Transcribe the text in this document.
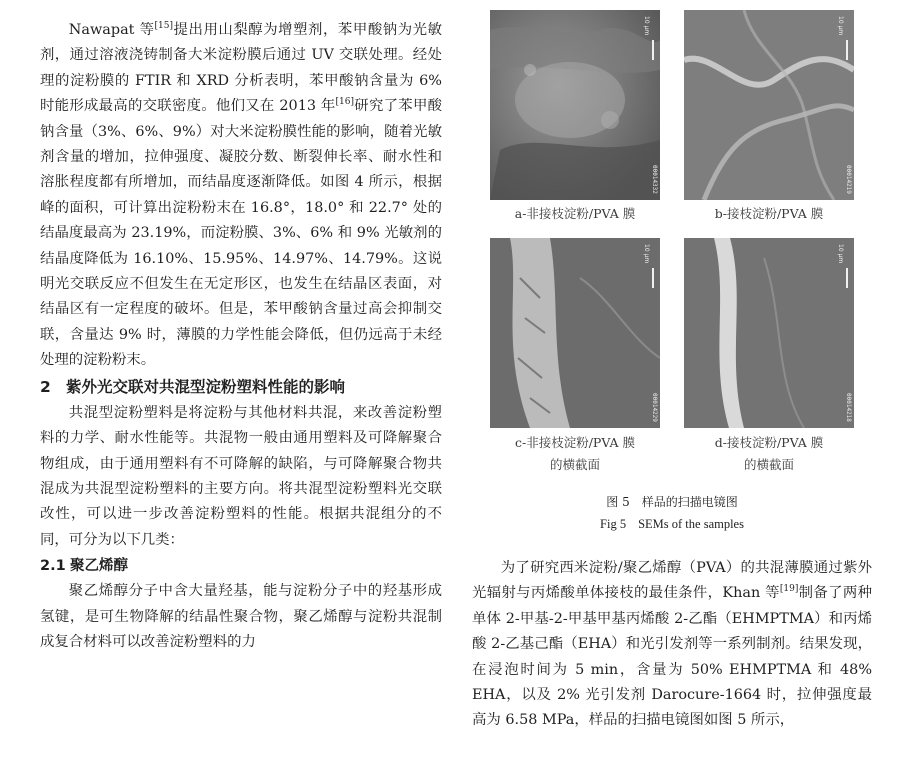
Nawapat 等[15]提出用山梨醇为增塑剂，苯甲酸钠为光敏剂，通过溶液浇铸制备大米淀粉膜后通过 UV 交联处理。经处理的淀粉膜的 FTIR 和 XRD 分析表明，苯甲酸钠含量为 6% 时能形成最高的交联密度。他们又在 2013 年[16]研究了苯甲酸钠含量（3%、6%、9%）对大米淀粉膜性能的影响，随着光敏剂含量的增加，拉伸强度、凝胶分数、断裂伸长率、耐水性和溶胀程度都有所增加，而结晶度逐渐降低。如图 4 所示，根据峰的面积，可计算出淀粉粉末在 16.8°，18.0° 和 22.7° 处的结晶度最高为 23.19%，而淀粉膜、3%、6% 和 9% 光敏剂的结晶度降低为 16.10%、15.95%、14.97%、14.79%。这说明光交联反应不但发生在无定形区，也发生在结晶区表面，对结晶区有一定程度的破坏。但是，苯甲酸钠含量过高会抑制交联，含量达 9% 时，薄膜的力学性能会降低，但仍远高于未经处理的淀粉粉末。

2 紫外光交联对共混型淀粉塑料性能的影响

共混型淀粉塑料是将淀粉与其他材料共混，来改善淀粉塑料的力学、耐水性能等。共混物一般由通用塑料及可降解聚合物组成，由于通用塑料有不可降解的缺陷，与可降解聚合物共混成为共混型淀粉塑料的主要方向。将共混型淀粉塑料光交联改性，可以进一步改善淀粉塑料的性能。根据共混组分的不同，可分为以下几类：

2.1 聚乙烯醇

聚乙烯醇分子中含大量羟基，能与淀粉分子中的羟基形成氢键，是可生物降解的结晶性聚合物，聚乙烯醇与淀粉共混制成复合材料可以改善淀粉塑料的力

10 μm
00014332
10 μm
00014219
a-非接枝淀粉/PVA 膜	b-接枝淀粉/PVA 膜
10 μm
00014229
10 μm
00014218
c-非接枝淀粉/PVA 膜
的横截面
d-接枝淀粉/PVA 膜
的横截面
图 5 样品的扫描电镜图
Fig 5 SEMs of the samples

为了研究西米淀粉/聚乙烯醇（PVA）的共混薄膜通过紫外光辐射与丙烯酸单体接枝的最佳条件，Khan 等[19]制备了两种单体 2-甲基-2-甲基甲基丙烯酸 2-乙酯（EHMPTMA）和丙烯酸 2-乙基己酯（EHA）和光引发剂等一系列制剂。结果发现，在浸泡时间为 5 min，含量为 50% EHMPTMA 和 48% EHA，以及 2% 光引发剂 Darocure-1664 时，拉伸强度最高为 6.58 MPa，样品的扫描电镜图如图 5 所示，
